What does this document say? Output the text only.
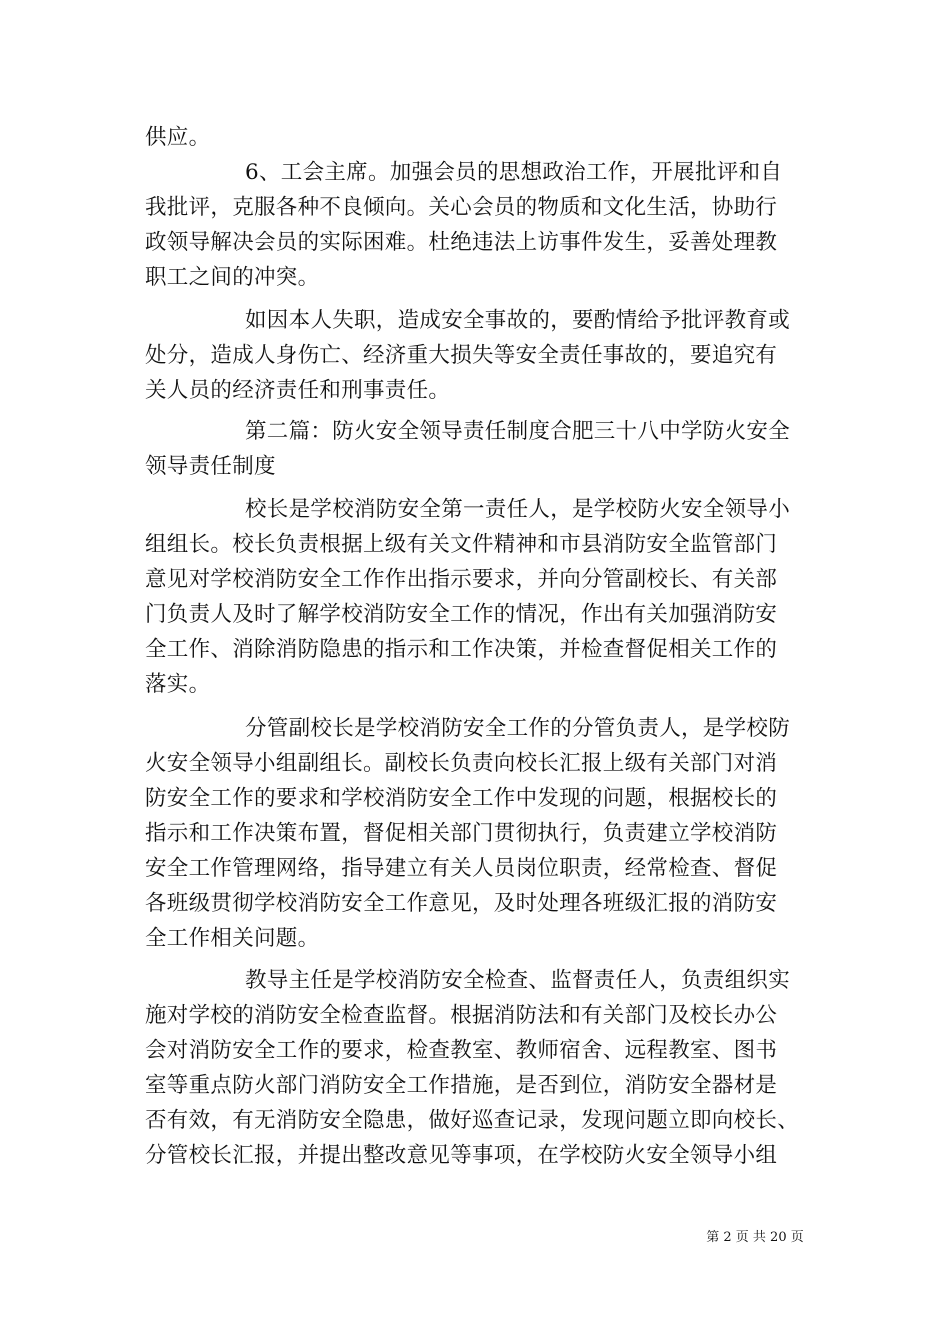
供应。
6、工会主席。加强会员的思想政治工作，开展批评和自
我批评，克服各种不良倾向。关心会员的物质和文化生活，协助行
政领导解决会员的实际困难。杜绝违法上访事件发生，妥善处理教
职工之间的冲突。
如因本人失职，造成安全事故的，要酌情给予批评教育或
处分，造成人身伤亡、经济重大损失等安全责任事故的，要追究有
关人员的经济责任和刑事责任。
第二篇：防火安全领导责任制度合肥三十八中学防火安全
领导责任制度
校长是学校消防安全第一责任人，是学校防火安全领导小
组组长。校长负责根据上级有关文件精神和市县消防安全监管部门
意见对学校消防安全工作作出指示要求，并向分管副校长、有关部
门负责人及时了解学校消防安全工作的情况，作出有关加强消防安
全工作、消除消防隐患的指示和工作决策，并检查督促相关工作的
落实。
分管副校长是学校消防安全工作的分管负责人，是学校防
火安全领导小组副组长。副校长负责向校长汇报上级有关部门对消
防安全工作的要求和学校消防安全工作中发现的问题，根据校长的
指示和工作决策布置，督促相关部门贯彻执行，负责建立学校消防
安全工作管理网络，指导建立有关人员岗位职责，经常检查、督促
各班级贯彻学校消防安全工作意见，及时处理各班级汇报的消防安
全工作相关问题。
教导主任是学校消防安全检查、监督责任人，负责组织实
施对学校的消防安全检查监督。根据消防法和有关部门及校长办公
会对消防安全工作的要求，检查教室、教师宿舍、远程教室、图书
室等重点防火部门消防安全工作措施，是否到位，消防安全器材是
否有效，有无消防安全隐患，做好巡查记录，发现问题立即向校长、
分管校长汇报，并提出整改意见等事项，在学校防火安全领导小组
第 2 页 共 20 页
